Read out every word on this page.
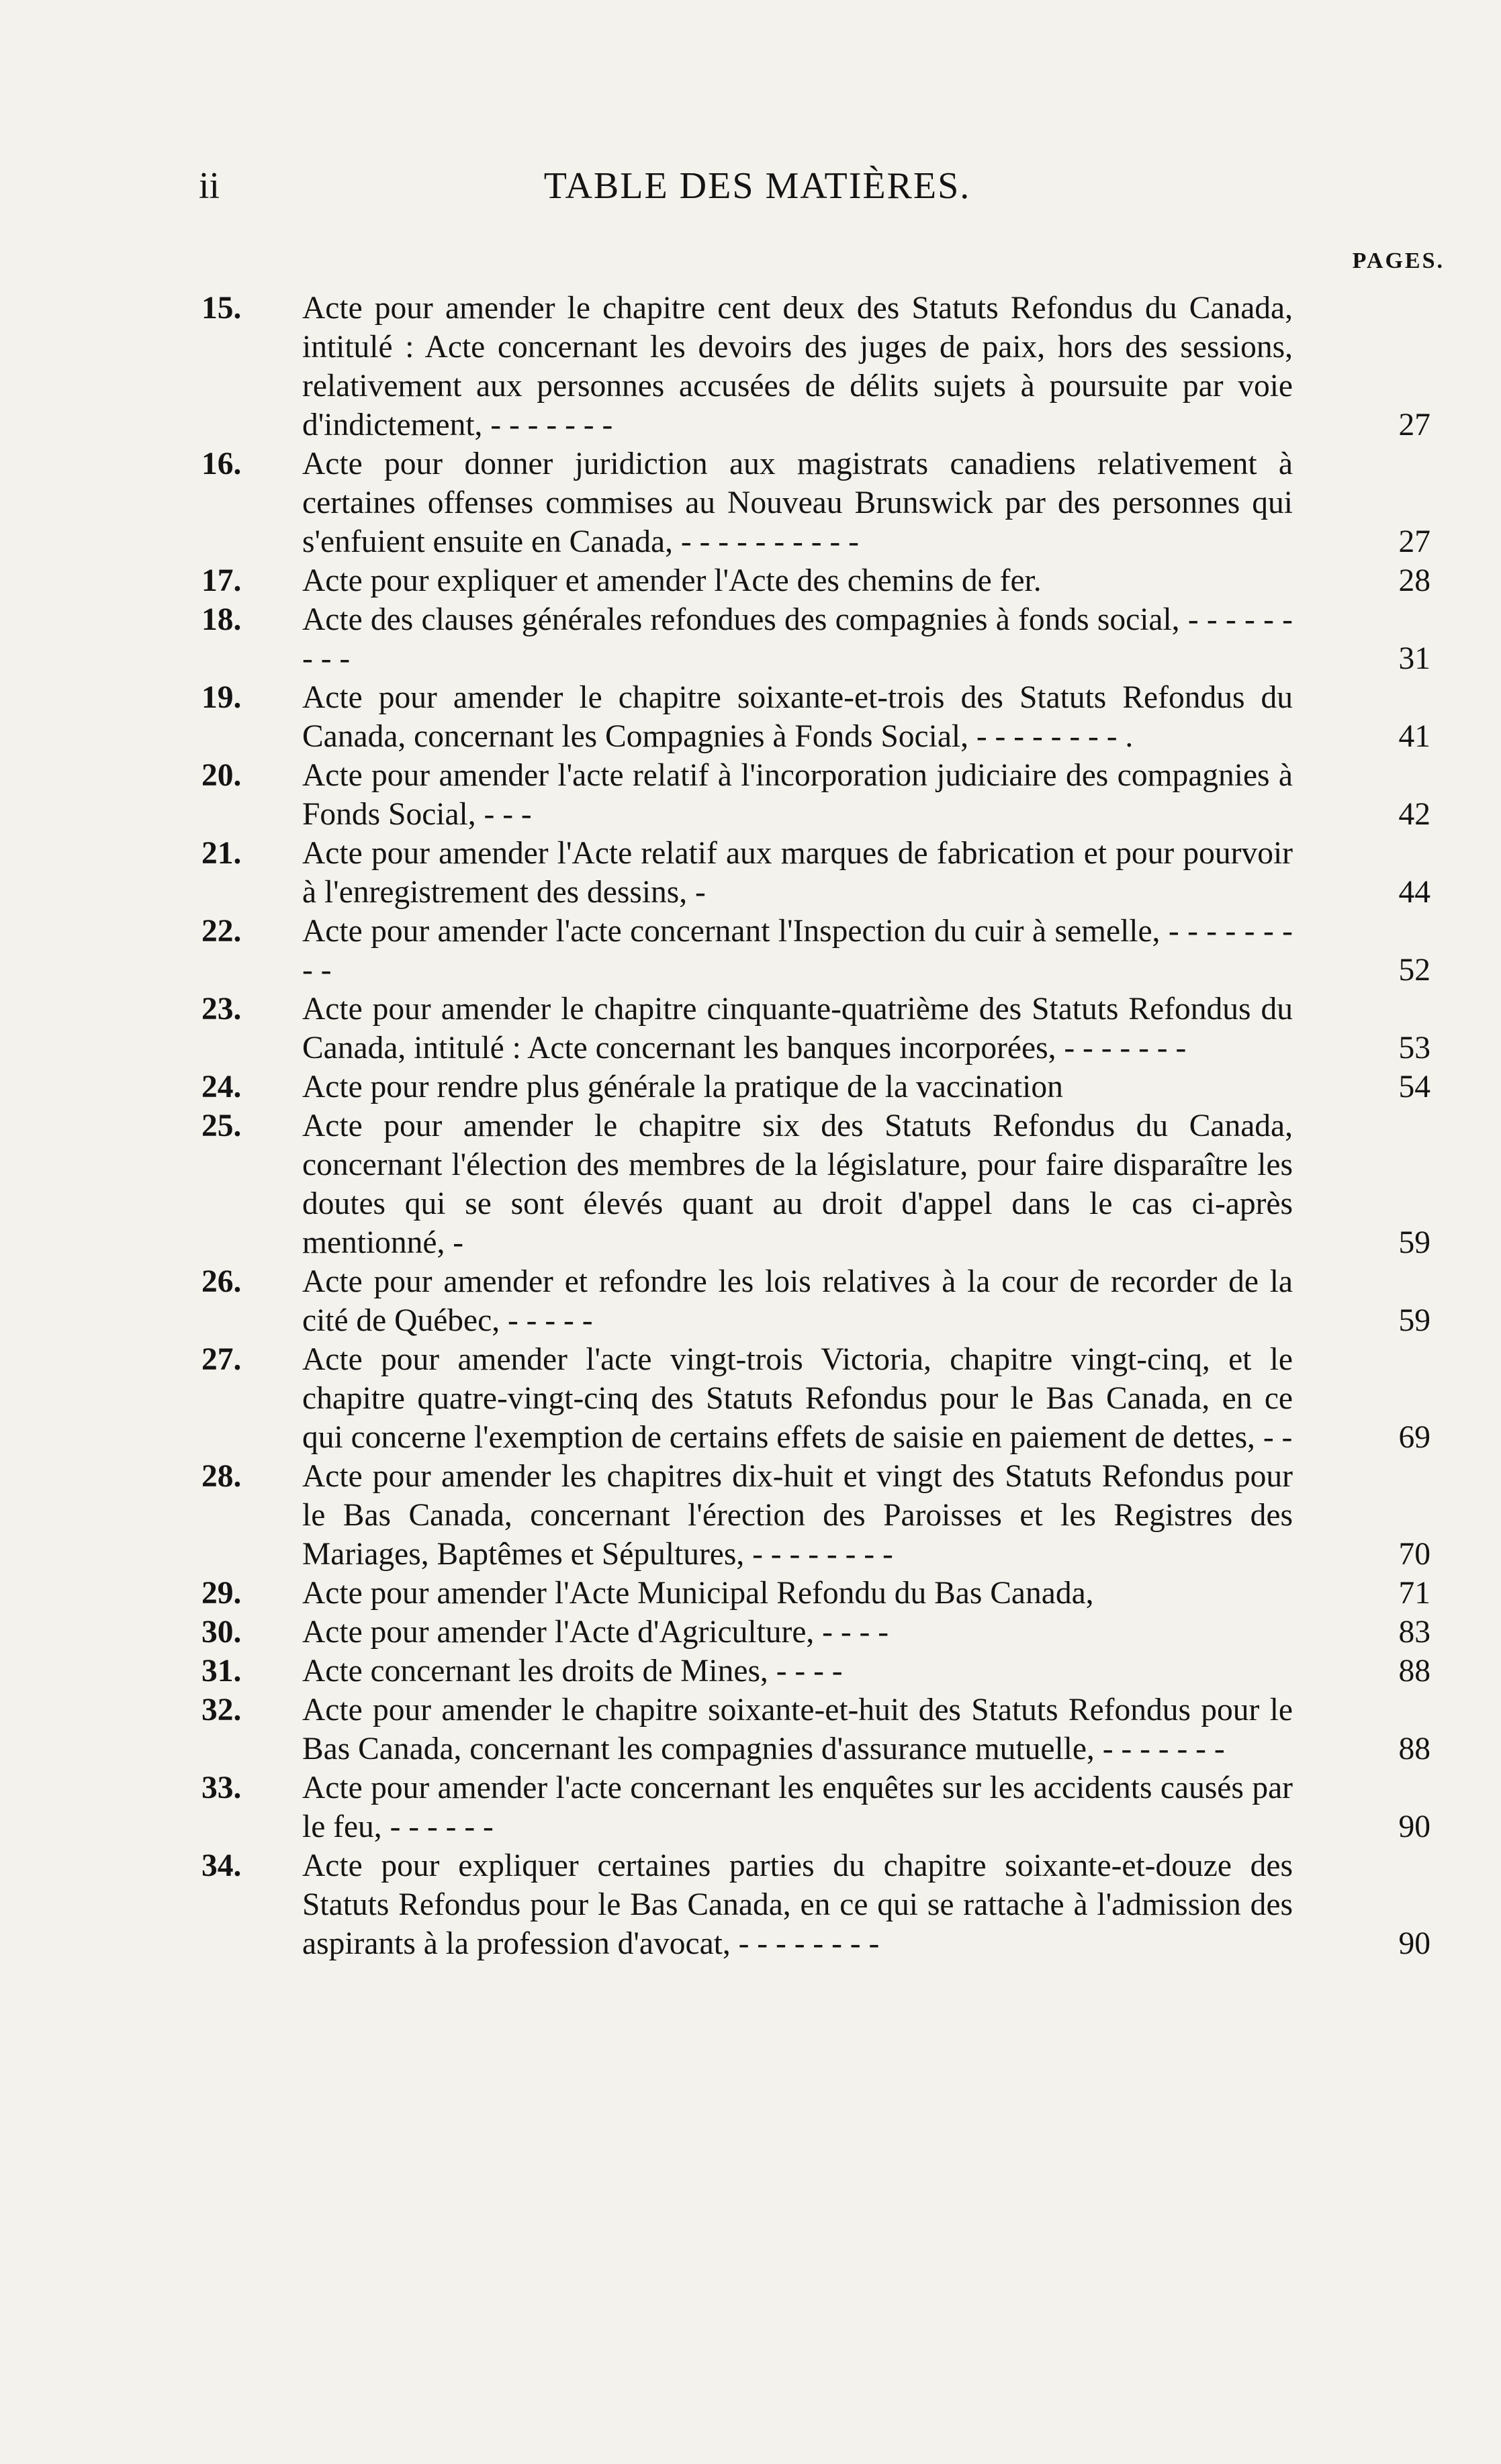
ii	TABLE DES MATIÈRES.
PAGES.
15.	Acte pour amender le chapitre cent deux des Statuts Refondus du Canada, intitulé : Acte concernant les devoirs des juges de paix, hors des sessions, relativement aux personnes accusées de délits sujets à poursuite par voie d'indictement, - - - - - - -	27
16.	Acte pour donner juridiction aux magistrats canadiens relativement à certaines offenses commises au Nouveau Brunswick par des personnes qui s'enfuient ensuite en Canada, - - - - - - - - - -	27
17.	Acte pour expliquer et amender l'Acte des chemins de fer.	28
18.	Acte des clauses générales refondues des compagnies à fonds social, - - - - - - - - -	31
19.	Acte pour amender le chapitre soixante-et-trois des Statuts Refondus du Canada, concernant les Compagnies à Fonds Social, - - - - - - - - .	41
20.	Acte pour amender l'acte relatif à l'incorporation judiciaire des compagnies à Fonds Social, - - -	42
21.	Acte pour amender l'Acte relatif aux marques de fabrication et pour pourvoir à l'enregistrement des dessins, -	44
22.	Acte pour amender l'acte concernant l'Inspection du cuir à semelle, - - - - - - - - -	52
23.	Acte pour amender le chapitre cinquante-quatrième des Statuts Refondus du Canada, intitulé : Acte concernant les banques incorporées, - - - - - - -	53
24.	Acte pour rendre plus générale la pratique de la vaccination	54
25.	Acte pour amender le chapitre six des Statuts Refondus du Canada, concernant l'élection des membres de la législature, pour faire disparaître les doutes qui se sont élevés quant au droit d'appel dans le cas ci-après mentionné, -	59
26.	Acte pour amender et refondre les lois relatives à la cour de recorder de la cité de Québec, - - - - -	59
27.	Acte pour amender l'acte vingt-trois Victoria, chapitre vingt-cinq, et le chapitre quatre-vingt-cinq des Statuts Refondus pour le Bas Canada, en ce qui concerne l'exemption de certains effets de saisie en paiement de dettes, - -	69
28.	Acte pour amender les chapitres dix-huit et vingt des Statuts Refondus pour le Bas Canada, concernant l'érection des Paroisses et les Registres des Mariages, Baptêmes et Sépultures, - - - - - - - -	70
29.	Acte pour amender l'Acte Municipal Refondu du Bas Canada,	71
30.	Acte pour amender l'Acte d'Agriculture, - - - -	83
31.	Acte concernant les droits de Mines, - - - -	88
32.	Acte pour amender le chapitre soixante-et-huit des Statuts Refondus pour le Bas Canada, concernant les compagnies d'assurance mutuelle, - - - - - - -	88
33.	Acte pour amender l'acte concernant les enquêtes sur les accidents causés par le feu, - - - - - -	90
34.	Acte pour expliquer certaines parties du chapitre soixante-et-douze des Statuts Refondus pour le Bas Canada, en ce qui se rattache à l'admission des aspirants à la profession d'avocat, - - - - - - - -	90
